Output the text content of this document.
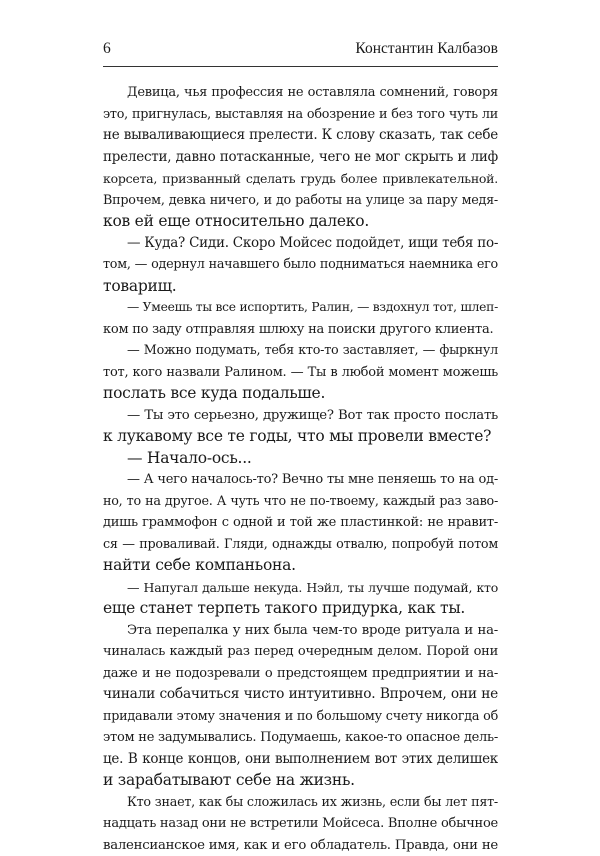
6	Константин Калбазов
Девица, чья профессия не оставляла сомнений, говоря
это, пригнулась, выставляя на обозрение и без того чуть ли
не вываливающиеся прелести. К слову сказать, так себе
прелести, давно потасканные, чего не мог скрыть и лиф
корсета, призванный сделать грудь более привлекательной.
Впрочем, девка ничего, и до работы на улице за пару медя-
ков ей еще относительно далеко.
— Куда? Сиди. Скоро Мойсес подойдет, ищи тебя по-
том, — одернул начавшего было подниматься наемника его
товарищ.
— Умеешь ты все испортить, Ралин, — вздохнул тот, шлеп-
ком по заду отправляя шлюху на поиски другого клиента.
— Можно подумать, тебя кто-то заставляет, — фыркнул
тот, кого назвали Ралином. — Ты в любой момент можешь
послать все куда подальше.
— Ты это серьезно, дружище? Вот так просто послать
к лукавому все те годы, что мы провели вместе?
— Начало-ось...
— А чего началось-то? Вечно ты мне пеняешь то на од-
но, то на другое. А чуть что не по-твоему, каждый раз заво-
дишь граммофон с одной и той же пластинкой: не нравит-
ся — проваливай. Гляди, однажды отвалю, попробуй потом
найти себе компаньона.
— Напугал дальше некуда. Нэйл, ты лучше подумай, кто
еще станет терпеть такого придурка, как ты.
Эта перепалка у них была чем-то вроде ритуала и на-
чиналась каждый раз перед очередным делом. Порой они
даже и не подозревали о предстоящем предприятии и на-
чинали собачиться чисто интуитивно. Впрочем, они не
придавали этому значения и по большому счету никогда об
этом не задумывались. Подумаешь, какое-то опасное дель-
це. В конце концов, они выполнением вот этих делишек
и зарабатывают себе на жизнь.
Кто знает, как бы сложилась их жизнь, если бы лет пят-
надцать назад они не встретили Мойсеса. Вполне обычное
валенсианское имя, как и его обладатель. Правда, они не
